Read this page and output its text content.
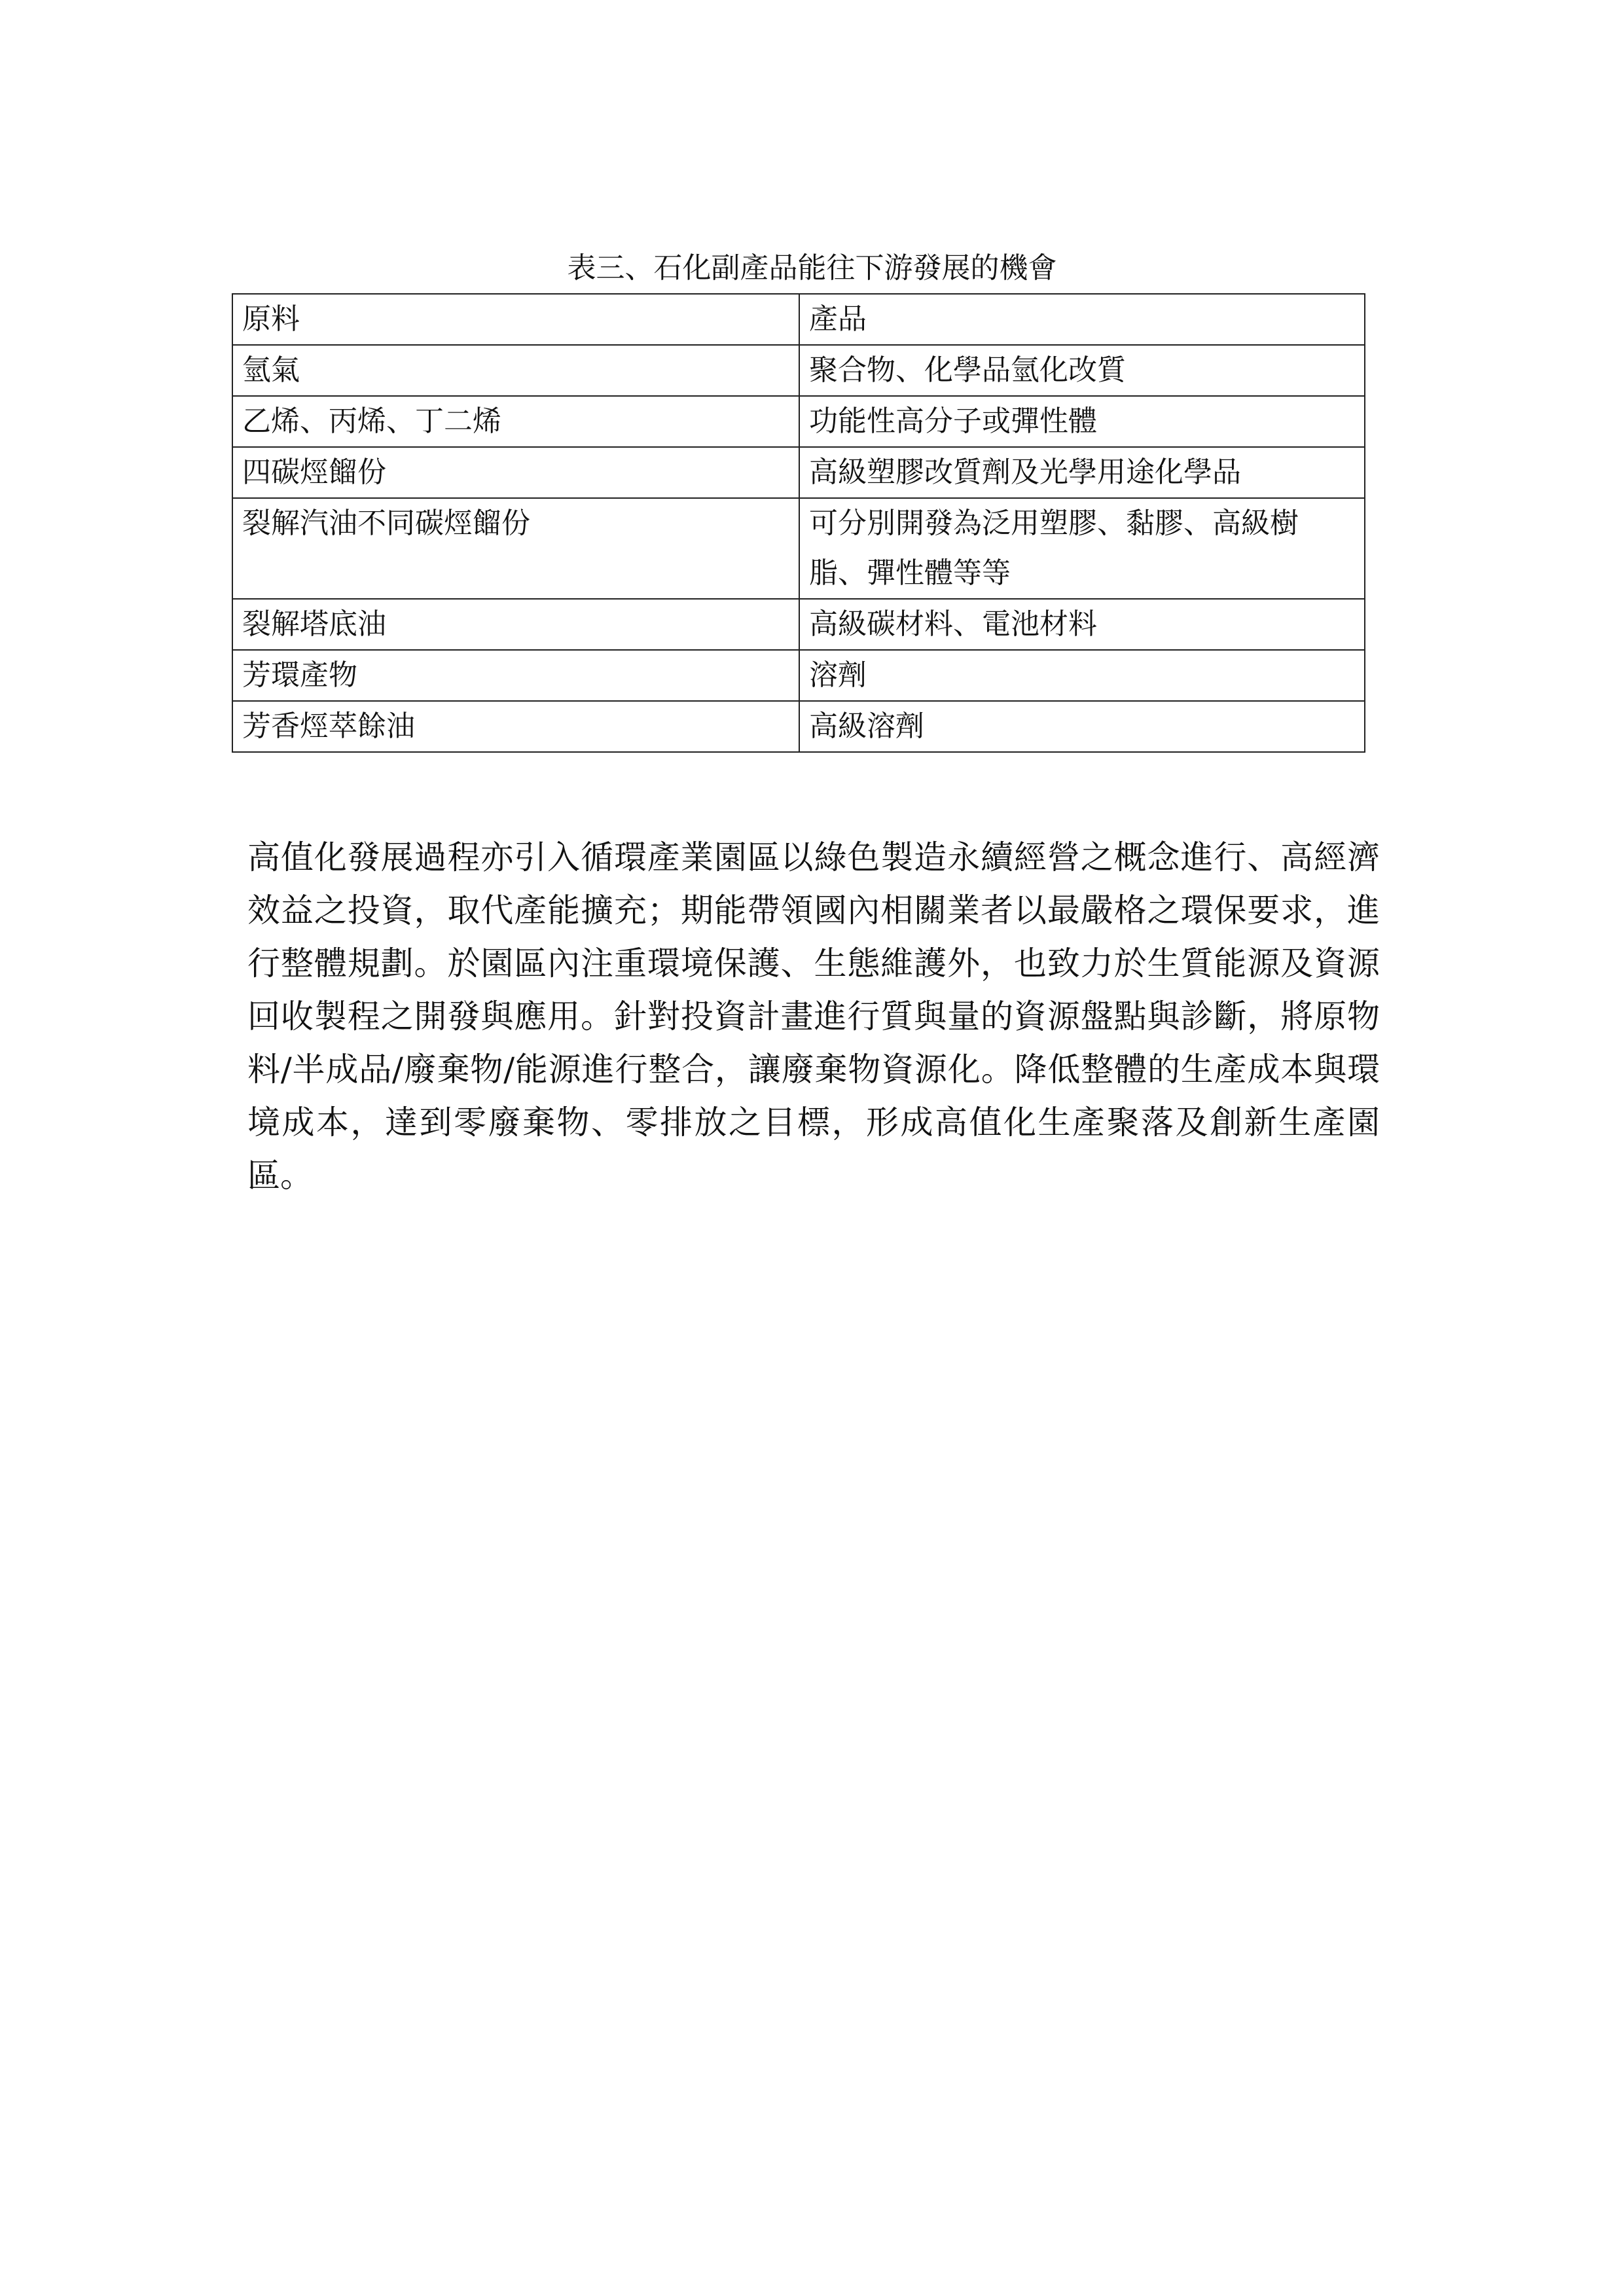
表三、石化副產品能往下游發展的機會
原料	產品
氫氣	聚合物、化學品氫化改質
乙烯、丙烯、丁二烯	功能性高分子或彈性體
四碳烴餾份	高級塑膠改質劑及光學用途化學品
裂解汽油不同碳烴餾份	可分別開發為泛用塑膠、黏膠、高級樹脂、彈性體等等
裂解塔底油	高級碳材料、電池材料
芳環產物	溶劑
芳香烴萃餘油	高級溶劑

高值化發展過程亦引入循環產業園區以綠色製造永續經營之概念進行、高經濟效益之投資，取代產能擴充；期能帶領國內相關業者以最嚴格之環保要求，進行整體規劃。於園區內注重環境保護、生態維護外，也致力於生質能源及資源回收製程之開發與應用。針對投資計畫進行質與量的資源盤點與診斷，將原物料/半成品/廢棄物/能源進行整合，讓廢棄物資源化。降低整體的生產成本與環境成本，達到零廢棄物、零排放之目標，形成高值化生產聚落及創新生產園區。
